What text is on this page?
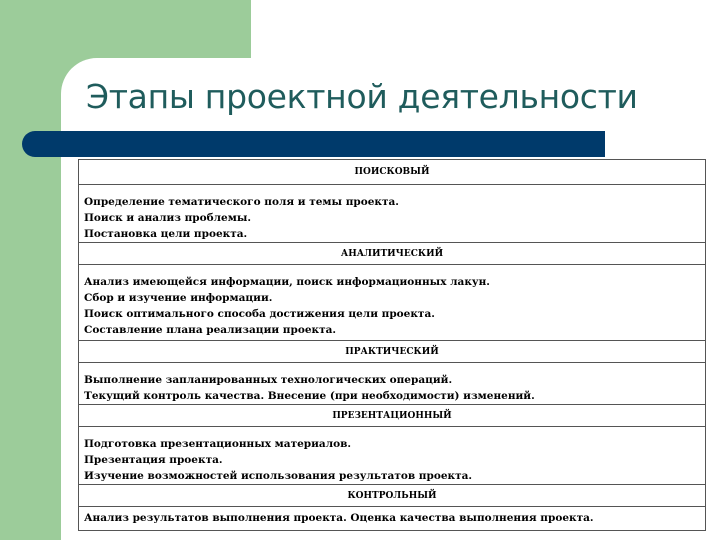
Этапы проектной деятельности
ПОИСКОВЫЙ

Определение тематического поля и темы проекта.
Поиск и анализ проблемы.
Постановка цели проекта.

АНАЛИТИЧЕСКИЙ

Анализ имеющейся информации, поиск информационных лакун.
Сбор и изучение информации.
Поиск оптимального способа достижения цели проекта.
Составление плана реализации проекта.

ПРАКТИЧЕСКИЙ

Выполнение запланированных технологических операций.
Текущий контроль качества. Внесение (при необходимости) изменений.

ПРЕЗЕНТАЦИОННЫЙ

Подготовка презентационных материалов.
Презентация проекта.
Изучение возможностей использования результатов проекта.

КОНТРОЛЬНЫЙ

Анализ результатов выполнения проекта. Оценка качества выполнения проекта.
